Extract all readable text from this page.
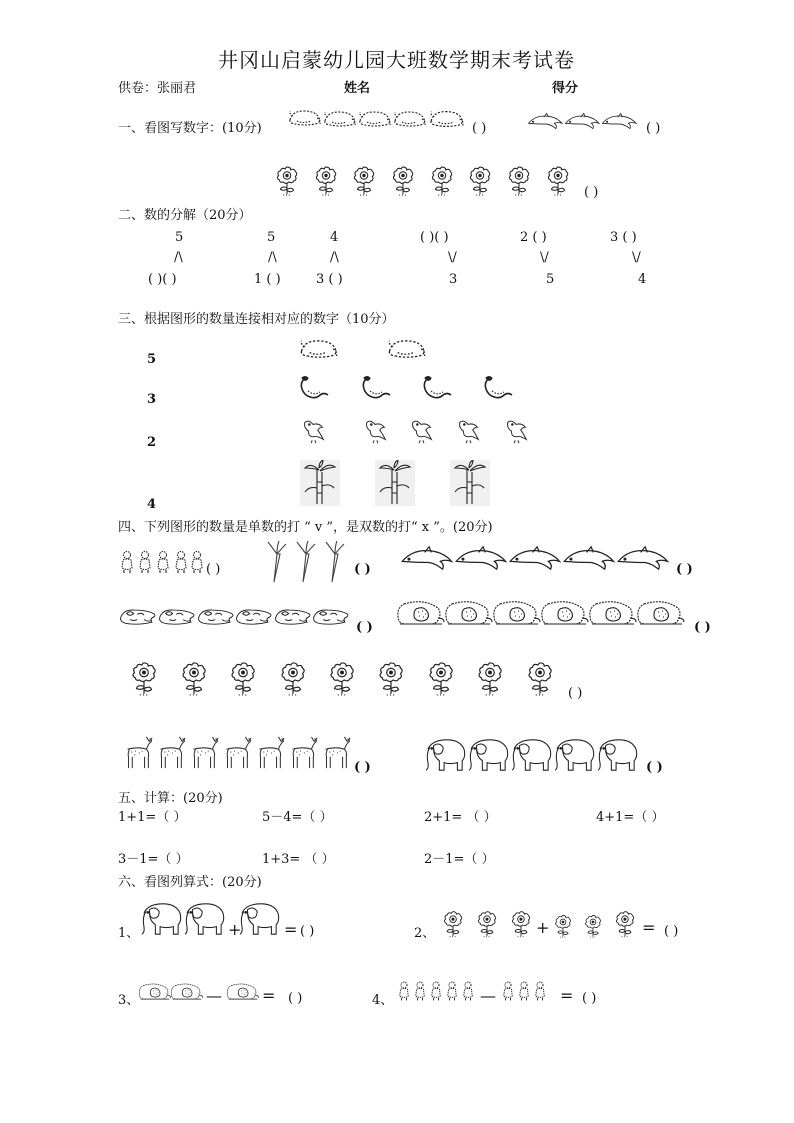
井冈山启蒙幼儿园大班数学期末考试卷
供卷：张丽君	姓名	得分
一、看图写数字：(10分)	( )	( )
( )
二、数的分解（20分）
5	5	4	( )( )	2 ( )	3 ( )
/\	/\	/\	\/	\/	\/
( )( )	1 ( )	3 ( )	3	5	4
三、根据图形的数量连接相对应的数字（10分）
5
3
2
4
四、下列图形的数量是单数的打 “ v ”，是双数的打“ x ”。(20分)
( )	( )	( )
( )	( )
( )
( )	( )
五、计算：(20分)
1+1=（ ）	5－4=（ ）	2+1= （ ）	4+1=（ ）
3－1=（ ）	1+3= （ ）	2－1=（ ）
六、看图列算式：(20分)
1、	+	= ( )	2、	+	= ( )
3、	—	= ( )	4、	—	= ( )
